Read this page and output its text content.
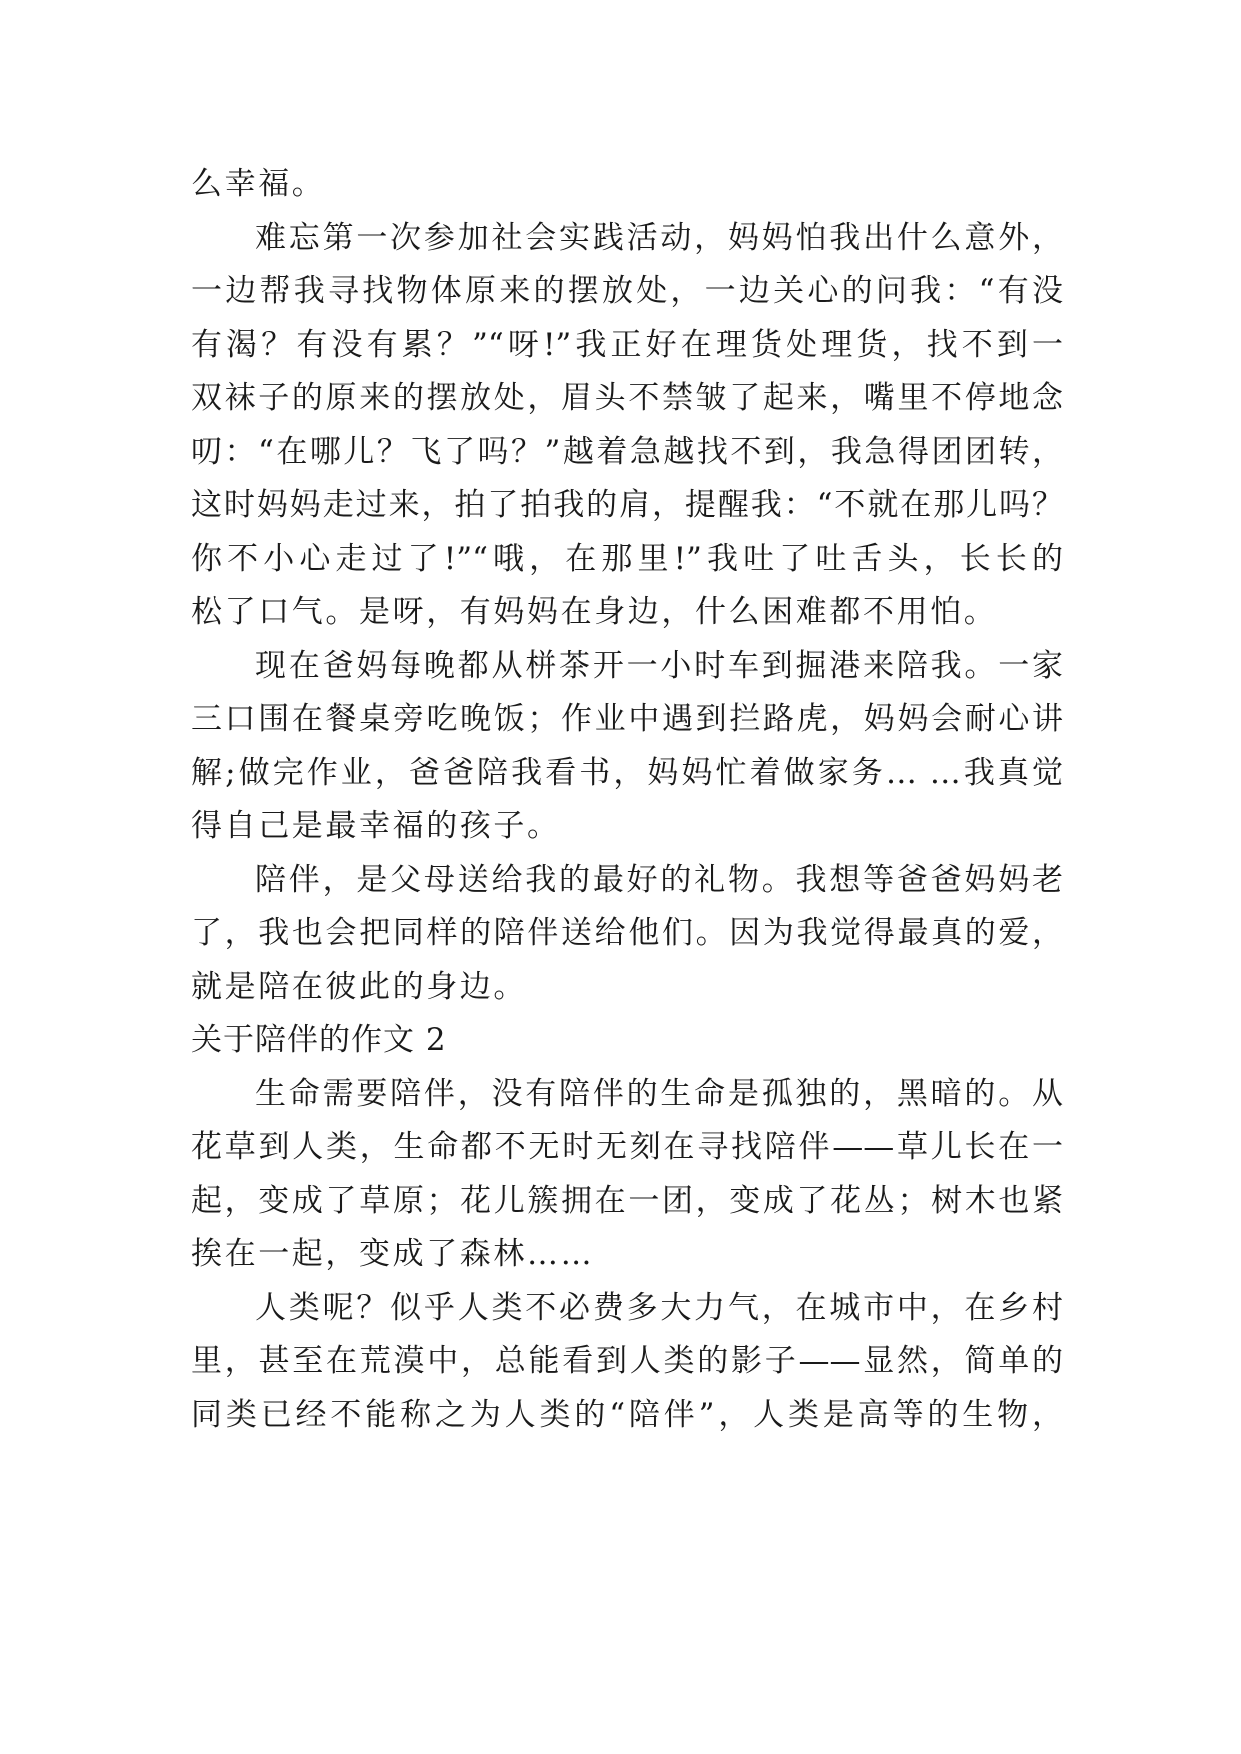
么幸福。
难忘第一次参加社会实践活动，妈妈怕我出什么意外，
一边帮我寻找物体原来的摆放处，一边关心的问我：“有没
有渴？有没有累？”“呀!”我正好在理货处理货，找不到一
双袜子的原来的摆放处，眉头不禁皱了起来，嘴里不停地念
叨：“在哪儿？飞了吗？”越着急越找不到，我急得团团转，
这时妈妈走过来，拍了拍我的肩，提醒我：“不就在那儿吗？
你不小心走过了!”“哦，在那里!”我吐了吐舌头，长长的
松了口气。是呀，有妈妈在身边，什么困难都不用怕。
现在爸妈每晚都从栟茶开一小时车到掘港来陪我。一家
三口围在餐桌旁吃晚饭；作业中遇到拦路虎，妈妈会耐心讲
解;做完作业，爸爸陪我看书，妈妈忙着做家务… …我真觉
得自己是最幸福的孩子。
陪伴，是父母送给我的最好的礼物。我想等爸爸妈妈老
了，我也会把同样的陪伴送给他们。因为我觉得最真的爱，
就是陪在彼此的身边。
关于陪伴的作文 2
生命需要陪伴，没有陪伴的生命是孤独的，黑暗的。从
花草到人类，生命都不无时无刻在寻找陪伴——草儿长在一
起，变成了草原；花儿簇拥在一团，变成了花丛；树木也紧
挨在一起，变成了森林……
人类呢？似乎人类不必费多大力气，在城市中，在乡村
里，甚至在荒漠中，总能看到人类的影子——显然，简单的
同类已经不能称之为人类的“陪伴”，人类是高等的生物，
